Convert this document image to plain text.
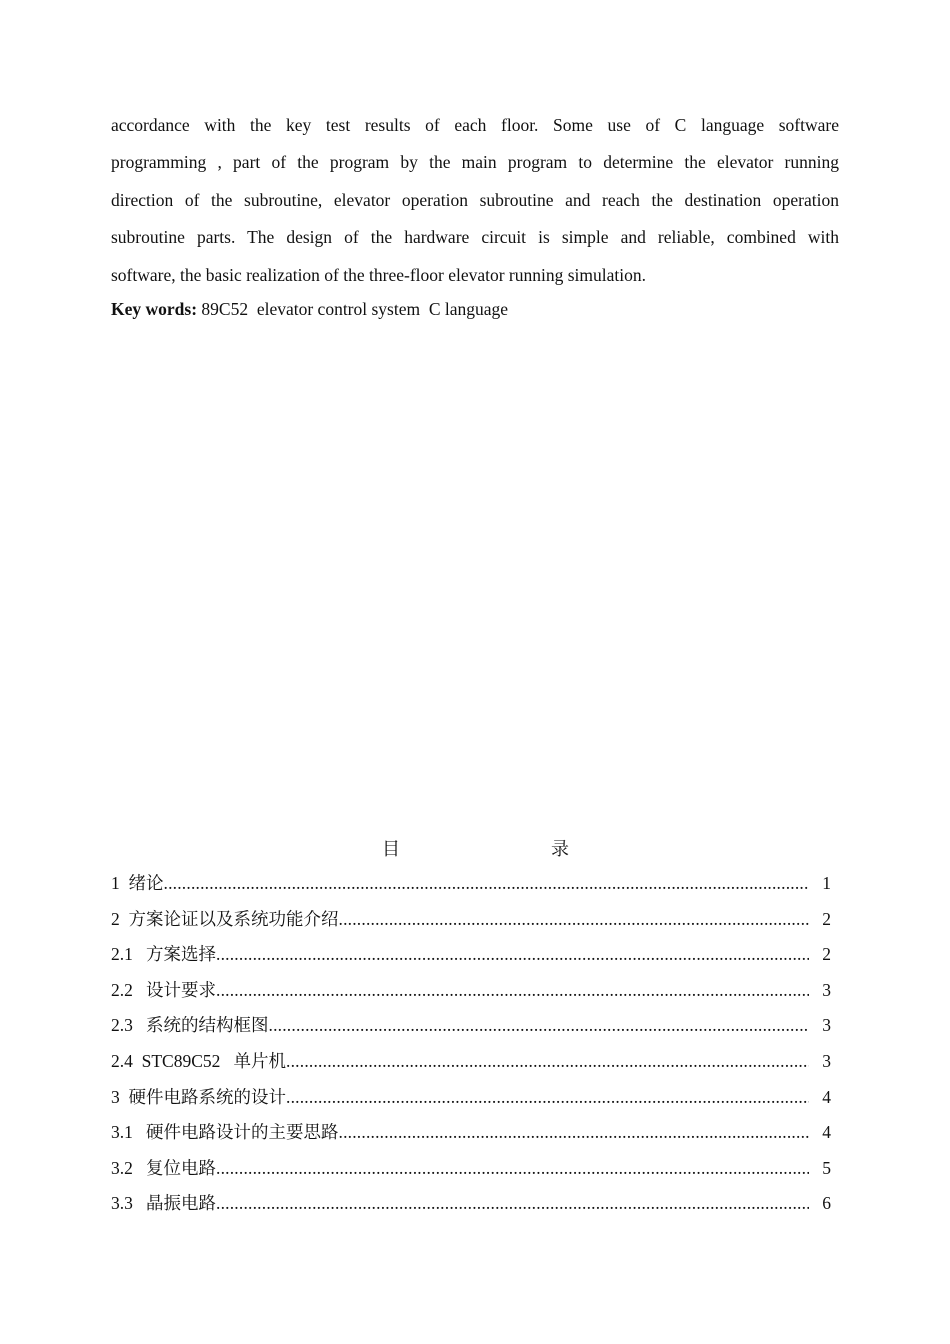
accordance with the key test results of each floor. Some use of C language software
programming , part of the program by the main program to determine the elevator running
direction of the subroutine, elevator operation subroutine and reach the destination operation
subroutine parts. The design of the hardware circuit is simple and reliable, combined with
software, the basic realization of the three-floor elevator running simulation.
Key words: 89C52  elevator control system  C language
目	录
1  绪论 .....	1
2  方案论证以及系统功能介绍 .....	2
2.1   方案选择 .....	2
2.2   设计要求 .....	3
2.3   系统的结构框图 .....	3
2.4  STC89C52   单片机 .....	3
3  硬件电路系统的设计 .....	4
3.1   硬件电路设计的主要思路 .....	4
3.2   复位电路 .....	5
3.3   晶振电路 .....	6
